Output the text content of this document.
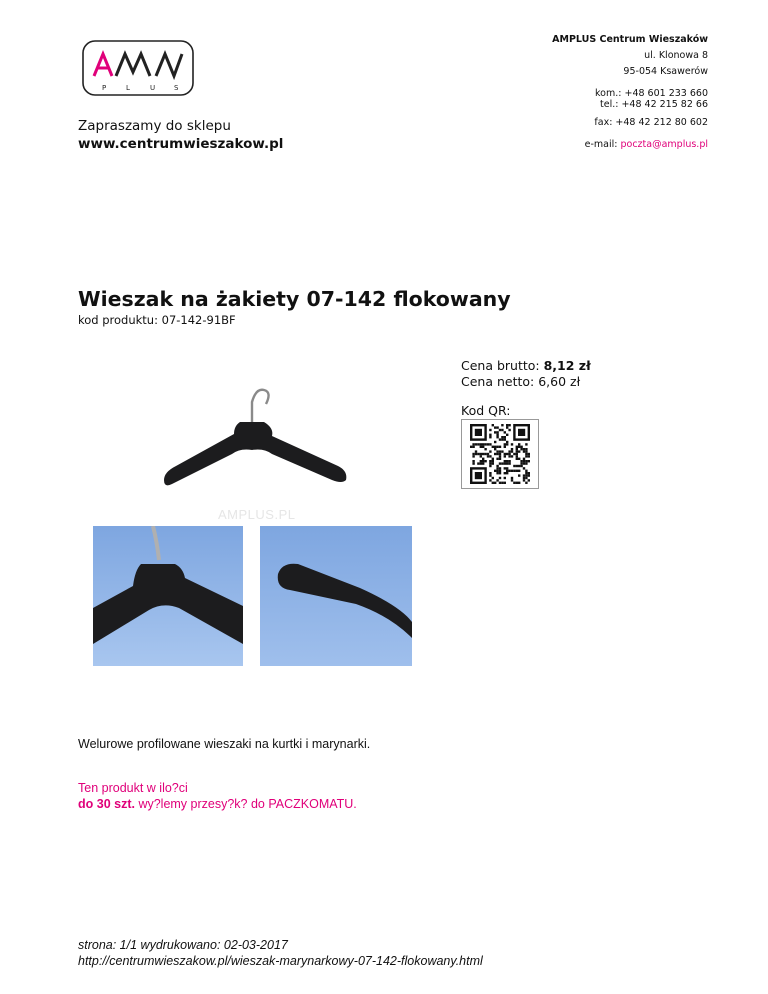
P	L	U	S
AMPLUS Centrum Wieszaków
ul. Klonowa 8
95-054 Ksawerów
kom.: +48 601 233 660
tel.: +48 42 215 82 66
fax: +48 42 212 80 602
e-mail: poczta@amplus.pl
Zapraszamy do sklepu
www.centrumwieszakow.pl
Wieszak na żakiety 07-142 flokowany
kod produktu: 07-142-91BF
AMPLUS.PL
Cena brutto: 8,12 zł
Cena netto: 6,60 zł
Kod QR:
Welurowe profilowane wieszaki na kurtki i marynarki.
Ten produkt w ilo?ci
do 30 szt. wy?lemy przesy?k? do PACZKOMATU.
strona: 1/1 wydrukowano: 02-03-2017
http://centrumwieszakow.pl/wieszak-marynarkowy-07-142-flokowany.html
